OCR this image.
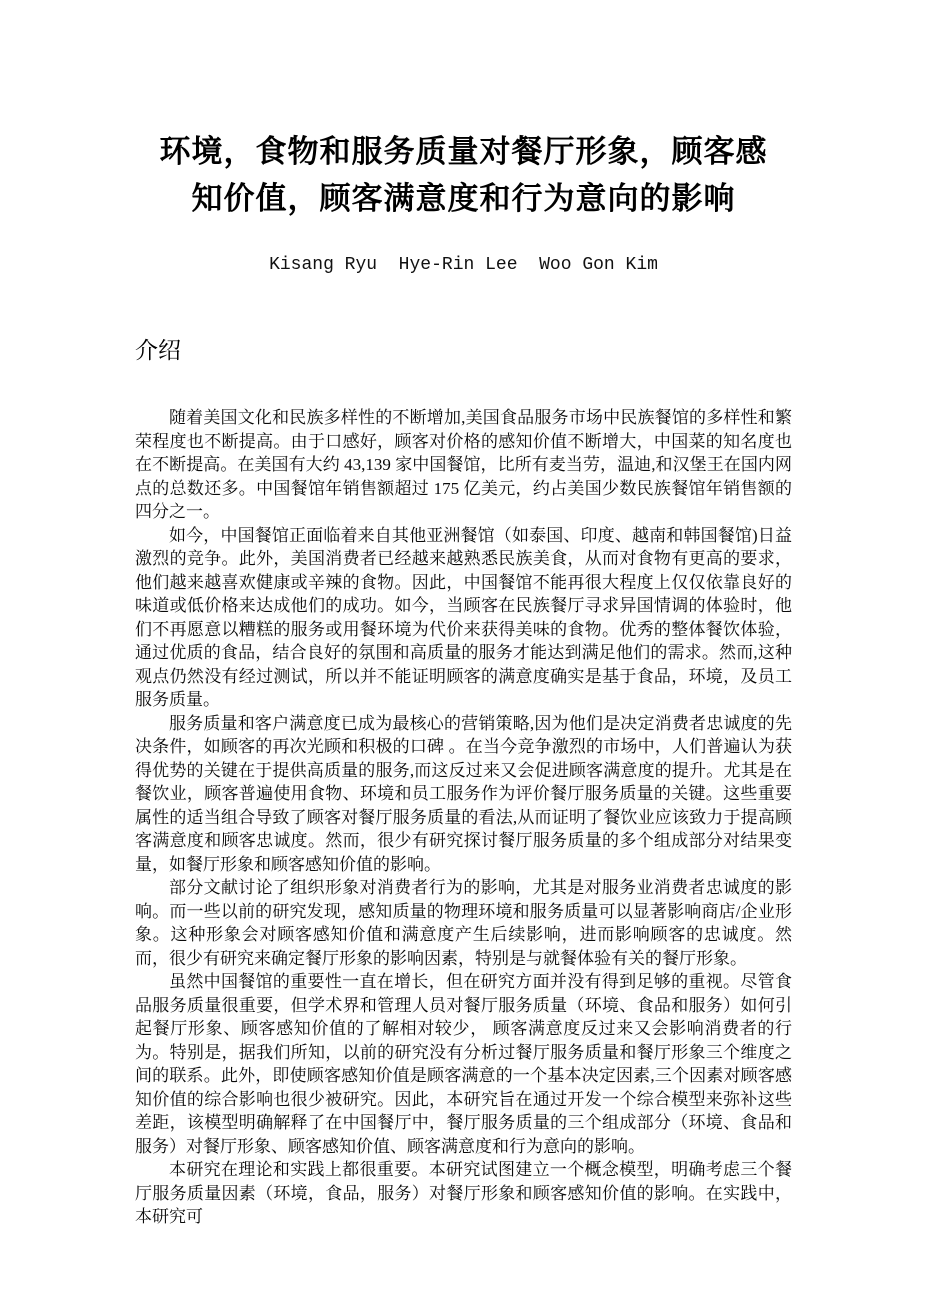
环境，食物和服务质量对餐厅形象，顾客感
知价值，顾客满意度和行为意向的影响
Kisang Ryu  Hye-Rin Lee  Woo Gon Kim
介绍

随着美国文化和民族多样性的不断增加,美国食品服务市场中民族餐馆的多样性和繁荣程度也不断提高。由于口感好，顾客对价格的感知价值不断增大，中国菜的知名度也在不断提高。在美国有大约 43,139 家中国餐馆，比所有麦当劳，温迪,和汉堡王在国内网点的总数还多。中国餐馆年销售额超过 175 亿美元，约占美国少数民族餐馆年销售额的四分之一。

如今，中国餐馆正面临着来自其他亚洲餐馆（如泰国、印度、越南和韩国餐馆)日益激烈的竞争。此外，美国消费者已经越来越熟悉民族美食，从而对食物有更高的要求，他们越来越喜欢健康或辛辣的食物。因此，中国餐馆不能再很大程度上仅仅依靠良好的味道或低价格来达成他们的成功。如今，当顾客在民族餐厅寻求异国情调的体验时，他们不再愿意以糟糕的服务或用餐环境为代价来获得美味的食物。优秀的整体餐饮体验，通过优质的食品，结合良好的氛围和高质量的服务才能达到满足他们的需求。然而,这种观点仍然没有经过测试，所以并不能证明顾客的满意度确实是基于食品，环境，及员工服务质量。

服务质量和客户满意度已成为最核心的营销策略,因为他们是决定消费者忠诚度的先决条件，如顾客的再次光顾和积极的口碑 。在当今竞争激烈的市场中，人们普遍认为获得优势的关键在于提供高质量的服务,而这反过来又会促进顾客满意度的提升。尤其是在餐饮业，顾客普遍使用食物、环境和员工服务作为评价餐厅服务质量的关键。这些重要属性的适当组合导致了顾客对餐厅服务质量的看法,从而证明了餐饮业应该致力于提高顾客满意度和顾客忠诚度。然而，很少有研究探讨餐厅服务质量的多个组成部分对结果变量，如餐厅形象和顾客感知价值的影响。

部分文献讨论了组织形象对消费者行为的影响，尤其是对服务业消费者忠诚度的影响。而一些以前的研究发现，感知质量的物理环境和服务质量可以显著影响商店/企业形象。这种形象会对顾客感知价值和满意度产生后续影响，进而影响顾客的忠诚度。然而，很少有研究来确定餐厅形象的影响因素，特别是与就餐体验有关的餐厅形象。

虽然中国餐馆的重要性一直在增长，但在研究方面并没有得到足够的重视。尽管食品服务质量很重要，但学术界和管理人员对餐厅服务质量（环境、食品和服务）如何引起餐厅形象、顾客感知价值的了解相对较少， 顾客满意度反过来又会影响消费者的行为。特别是，据我们所知，以前的研究没有分析过餐厅服务质量和餐厅形象三个维度之间的联系。此外，即使顾客感知价值是顾客满意的一个基本决定因素,三个因素对顾客感知价值的综合影响也很少被研究。因此，本研究旨在通过开发一个综合模型来弥补这些差距，该模型明确解释了在中国餐厅中，餐厅服务质量的三个组成部分（环境、食品和服务）对餐厅形象、顾客感知价值、顾客满意度和行为意向的影响。

本研究在理论和实践上都很重要。本研究试图建立一个概念模型，明确考虑三个餐厅服务质量因素（环境，食品，服务）对餐厅形象和顾客感知价值的影响。在实践中，本研究可
